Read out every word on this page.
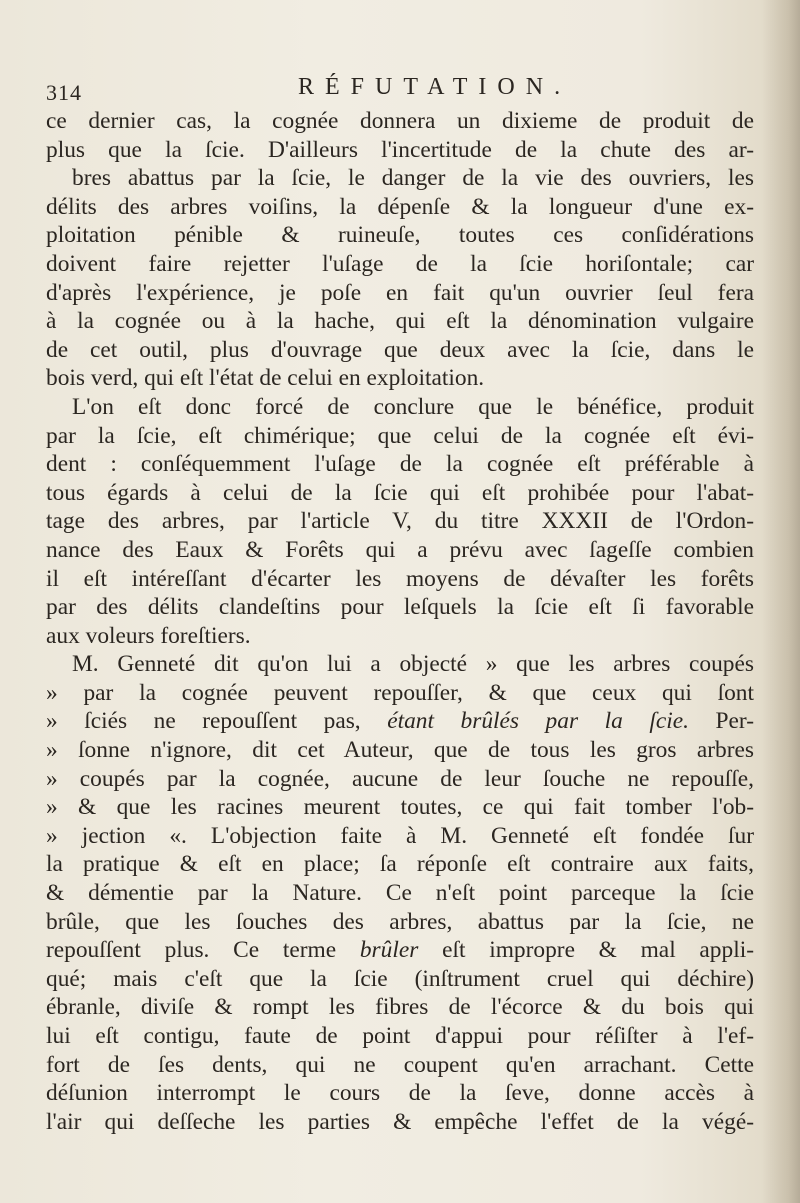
314	RÉFUTATION.
ce dernier cas, la cognée donnera un dixieme de produit de
plus que la ſcie. D'ailleurs l'incertitude de la chute des ar-
bres abattus par la ſcie, le danger de la vie des ouvriers, les
délits des arbres voiſins, la dépenſe & la longueur d'une ex-
ploitation pénible & ruineuſe, toutes ces conſidérations
doivent faire rejetter l'uſage de la ſcie horiſontale; car
d'après l'expérience, je poſe en fait qu'un ouvrier ſeul fera
à la cognée ou à la hache, qui eſt la dénomination vulgaire
de cet outil, plus d'ouvrage que deux avec la ſcie, dans le
bois verd, qui eſt l'état de celui en exploitation.
L'on eſt donc forcé de conclure que le bénéfice, produit
par la ſcie, eſt chimérique; que celui de la cognée eſt évi-
dent : conſéquemment l'uſage de la cognée eſt préférable à
tous égards à celui de la ſcie qui eſt prohibée pour l'abat-
tage des arbres, par l'article V, du titre XXXII de l'Ordon-
nance des Eaux & Forêts qui a prévu avec ſageſſe combien
il eſt intéreſſant d'écarter les moyens de dévaſter les forêts
par des délits clandeſtins pour leſquels la ſcie eſt ſi favorable
aux voleurs foreſtiers.
M. Genneté dit qu'on lui a objecté » que les arbres coupés
» par la cognée peuvent repouſſer, & que ceux qui ſont
» ſciés ne repouſſent pas, étant brûlés par la ſcie. Per-
» ſonne n'ignore, dit cet Auteur, que de tous les gros arbres
» coupés par la cognée, aucune de leur ſouche ne repouſſe,
» & que les racines meurent toutes, ce qui fait tomber l'ob-
» jection «. L'objection faite à M. Genneté eſt fondée ſur
la pratique & eſt en place; ſa réponſe eſt contraire aux faits,
& démentie par la Nature. Ce n'eſt point parceque la ſcie
brûle, que les ſouches des arbres, abattus par la ſcie, ne
repouſſent plus. Ce terme brûler eſt impropre & mal appli-
qué; mais c'eſt que la ſcie (inſtrument cruel qui déchire)
ébranle, diviſe & rompt les fibres de l'écorce & du bois qui
lui eſt contigu, faute de point d'appui pour réſiſter à l'ef-
fort de ſes dents, qui ne coupent qu'en arrachant. Cette
déſunion interrompt le cours de la ſeve, donne accès à
l'air qui deſſeche les parties & empêche l'effet de la végé-
